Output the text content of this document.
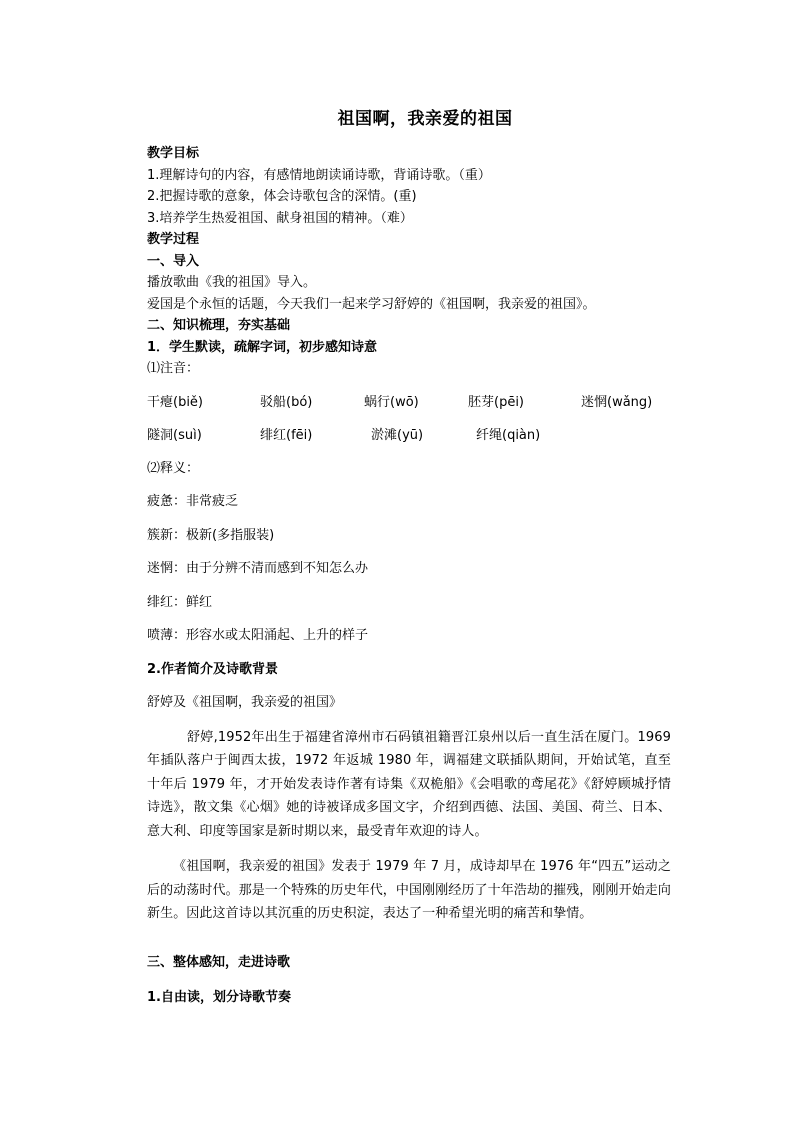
祖国啊，我亲爱的祖国
教学目标
1.理解诗句的内容，有感情地朗读诵诗歌，背诵诗歌。（重）
2.把握诗歌的意象，体会诗歌包含的深情。(重)
3.培养学生热爱祖国、献身祖国的精神。（难）
教学过程
一、导入
播放歌曲《我的祖国》导入。
爱国是个永恒的话题，今天我们一起来学习舒婷的《祖国啊，我亲爱的祖国》。
二、知识梳理，夯实基础
1．学生默读，疏解字词，初步感知诗意
⑴注音：
干瘪(biě)	驳船(bó)	蜗行(wō)	胚芽(pēi)	迷惘(wǎng)
隧洞(suì)	绯红(fēi)	淤滩(yū)	纤绳(qiàn)
⑵释义：
疲惫：非常疲乏
簇新：极新(多指服装)
迷惘：由于分辨不清而感到不知怎么办
绯红：鲜红
喷薄：形容水或太阳涌起、上升的样子
2.作者简介及诗歌背景
舒婷及《祖国啊，我亲爱的祖国》
舒婷,1952年出生于福建省漳州市石码镇祖籍晋江泉州以后一直生活在厦门。1969年插队落户于闽西太拔，1972 年返城 1980 年，调福建文联插队期间，开始试笔，直至十年后 1979 年，才开始发表诗作著有诗集《双桅船》《会唱歌的鸢尾花》《舒婷顾城抒情诗选》，散文集《心烟》她的诗被译成多国文字，介绍到西德、法国、美国、荷兰、日本、意大利、印度等国家是新时期以来，最受青年欢迎的诗人。
《祖国啊，我亲爱的祖国》发表于 1979 年 7 月，成诗却早在 1976 年“四五”运动之后的动荡时代。那是一个特殊的历史年代，中国刚刚经历了十年浩劫的摧残，刚刚开始走向新生。因此这首诗以其沉重的历史积淀，表达了一种希望光明的痛苦和挚情。
三、整体感知，走进诗歌
1.自由读，划分诗歌节奏
